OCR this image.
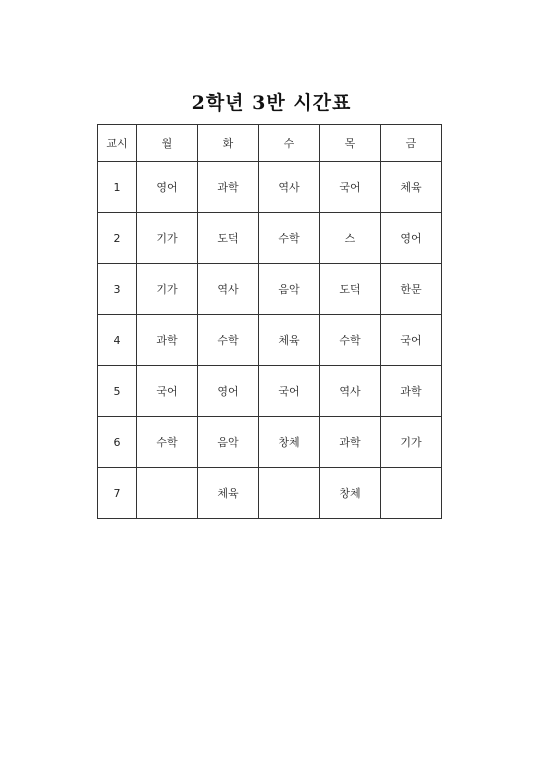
2학년 3반 시간표
교시	월	화	수	목	금
1	영어	과학	역사	국어	체육
2	기가	도덕	수학	스	영어
3	기가	역사	음악	도덕	한문
4	과학	수학	체육	수학	국어
5	국어	영어	국어	역사	과학
6	수학	음악	창체	과학	기가
7		체육		창체	
